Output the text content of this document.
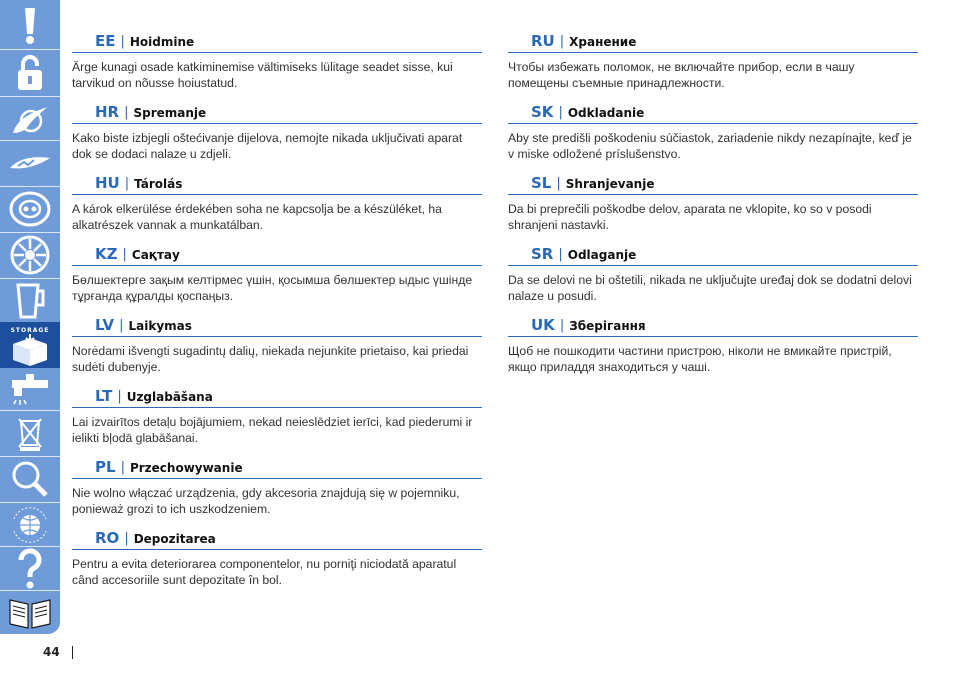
STORAGE
EE | Hoidmine
Ärge kunagi osade katkiminemise vältimiseks lülitage seadet sisse, kui tarvikud on nõusse hoiustatud.
HR | Spremanje
Kako biste izbjegli oštećivanje dijelova, nemojte nikada uključivati aparat dok se dodaci nalaze u zdjeli.
HU | Tárolás
A károk elkerülése érdekében soha ne kapcsolja be a készüléket, ha alkatrészek vannak a munkatálban.
KZ | Сақтау
Бөлшектерге зақым келтірмес үшін, қосымша бөлшектер ыдыс үшінде тұрғанда құралды қоспаңыз.
LV | Laikymas
Norėdami išvengti sugadintų dalių, niekada nejunkite prietaiso, kai priedai sudėti dubenyje.
LT | Uzglabāšana
Lai izvairītos detaļu bojājumiem, nekad neieslēdziet ierīci, kad piederumi ir ielikti bļodā glabāšanai.
PL | Przechowywanie
Nie wolno włączać urządzenia, gdy akcesoria znajdują się w pojemniku, ponieważ grozi to ich uszkodzeniem.
RO | Depozitarea
Pentru a evita deteriorarea componentelor, nu porniţi niciodată aparatul când accesoriile sunt depozitate în bol.
RU | Хранение
Чтобы избежать поломок, не включайте прибор, если в чашу помещены съемные принадлежности.
SK | Odkladanie
Aby ste predišli poškodeniu súčiastok, zariadenie nikdy nezapínajte, keď je v miske odložené príslušenstvo.
SL | Shranjevanje
Da bi preprečili poškodbe delov, aparata ne vklopite, ko so v posodi shranjeni nastavki.
SR | Odlaganje
Da se delovi ne bi oštetili, nikada ne uključujte uređaj dok se dodatni delovi nalaze u posudi.
UK | Зберігання
Щоб не пошкодити частини пристрою, ніколи не вмикайте пристрій, якщо приладдя знаходиться у чаші.
44
